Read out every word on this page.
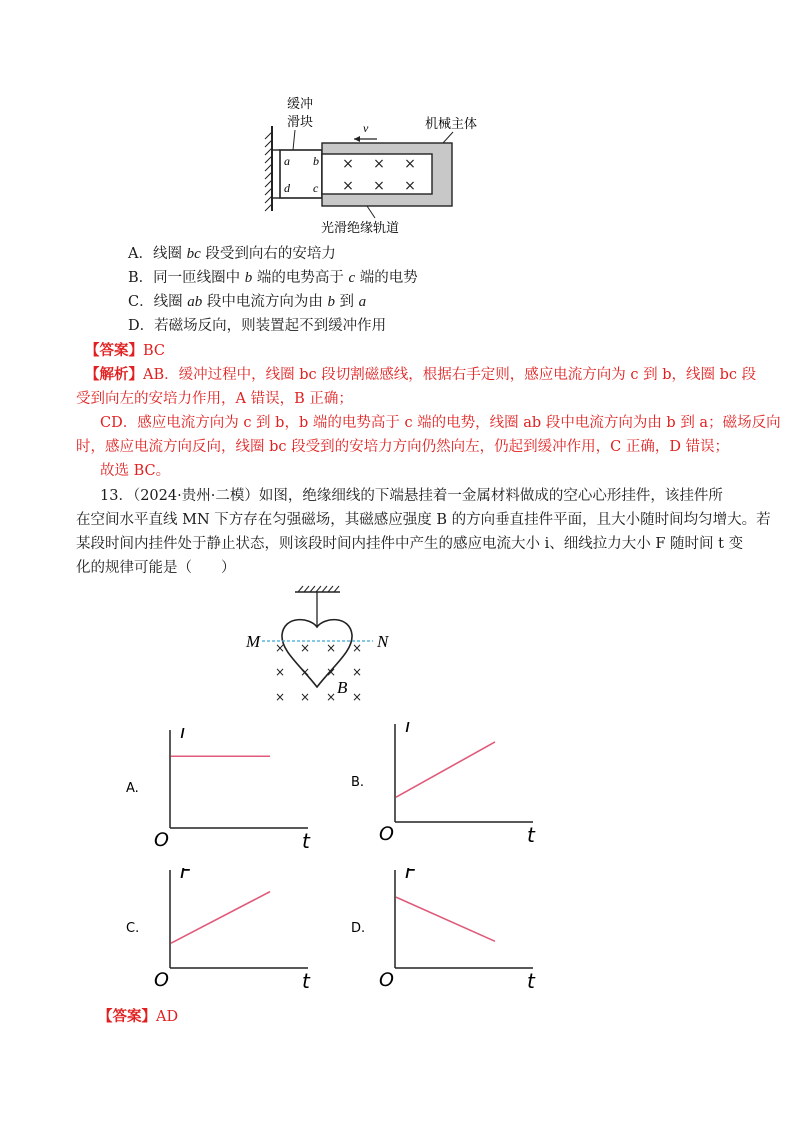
× × ×
× × ×
a b
d c
v
缓冲
滑块	机械主体
光滑绝缘轨道
A．线圈 bc 段受到向右的安培力
B．同一匝线圈中 b 端的电势高于 c 端的电势
C．线圈 ab 段中电流方向为由 b 到 a
D．若磁场反向，则装置起不到缓冲作用
【答案】BC
【解析】AB．缓冲过程中，线圈 bc 段切割磁感线，根据右手定则，感应电流方向为 c 到 b，线圈 bc 段
受到向左的安培力作用，A 错误，B 正确；
CD．感应电流方向为 c 到 b，b 端的电势高于 c 端的电势，线圈 ab 段中电流方向为由 b 到 a；磁场反向
时，感应电流方向反向，线圈 bc 段受到的安培力方向仍然向左，仍起到缓冲作用，C 正确，D 错误；
故选 BC。
13．（2024·贵州·二模）如图，绝缘细线的下端悬挂着一金属材料做成的空心心形挂件，该挂件所
在空间水平直线 MN 下方存在匀强磁场，其磁感应强度 B 的方向垂直挂件平面，且大小随时间均匀增大。若
某段时间内挂件处于静止状态，则该段时间内挂件中产生的感应电流大小 i、细线拉力大小 F 随时间 t 变
化的规律可能是（　　）
M	N
× × × ×
× × × ×
× × × ×
B
A.
i
t
O
B.
i
t
O
C.
F
t
O
D.
F
t
O
【答案】AD
